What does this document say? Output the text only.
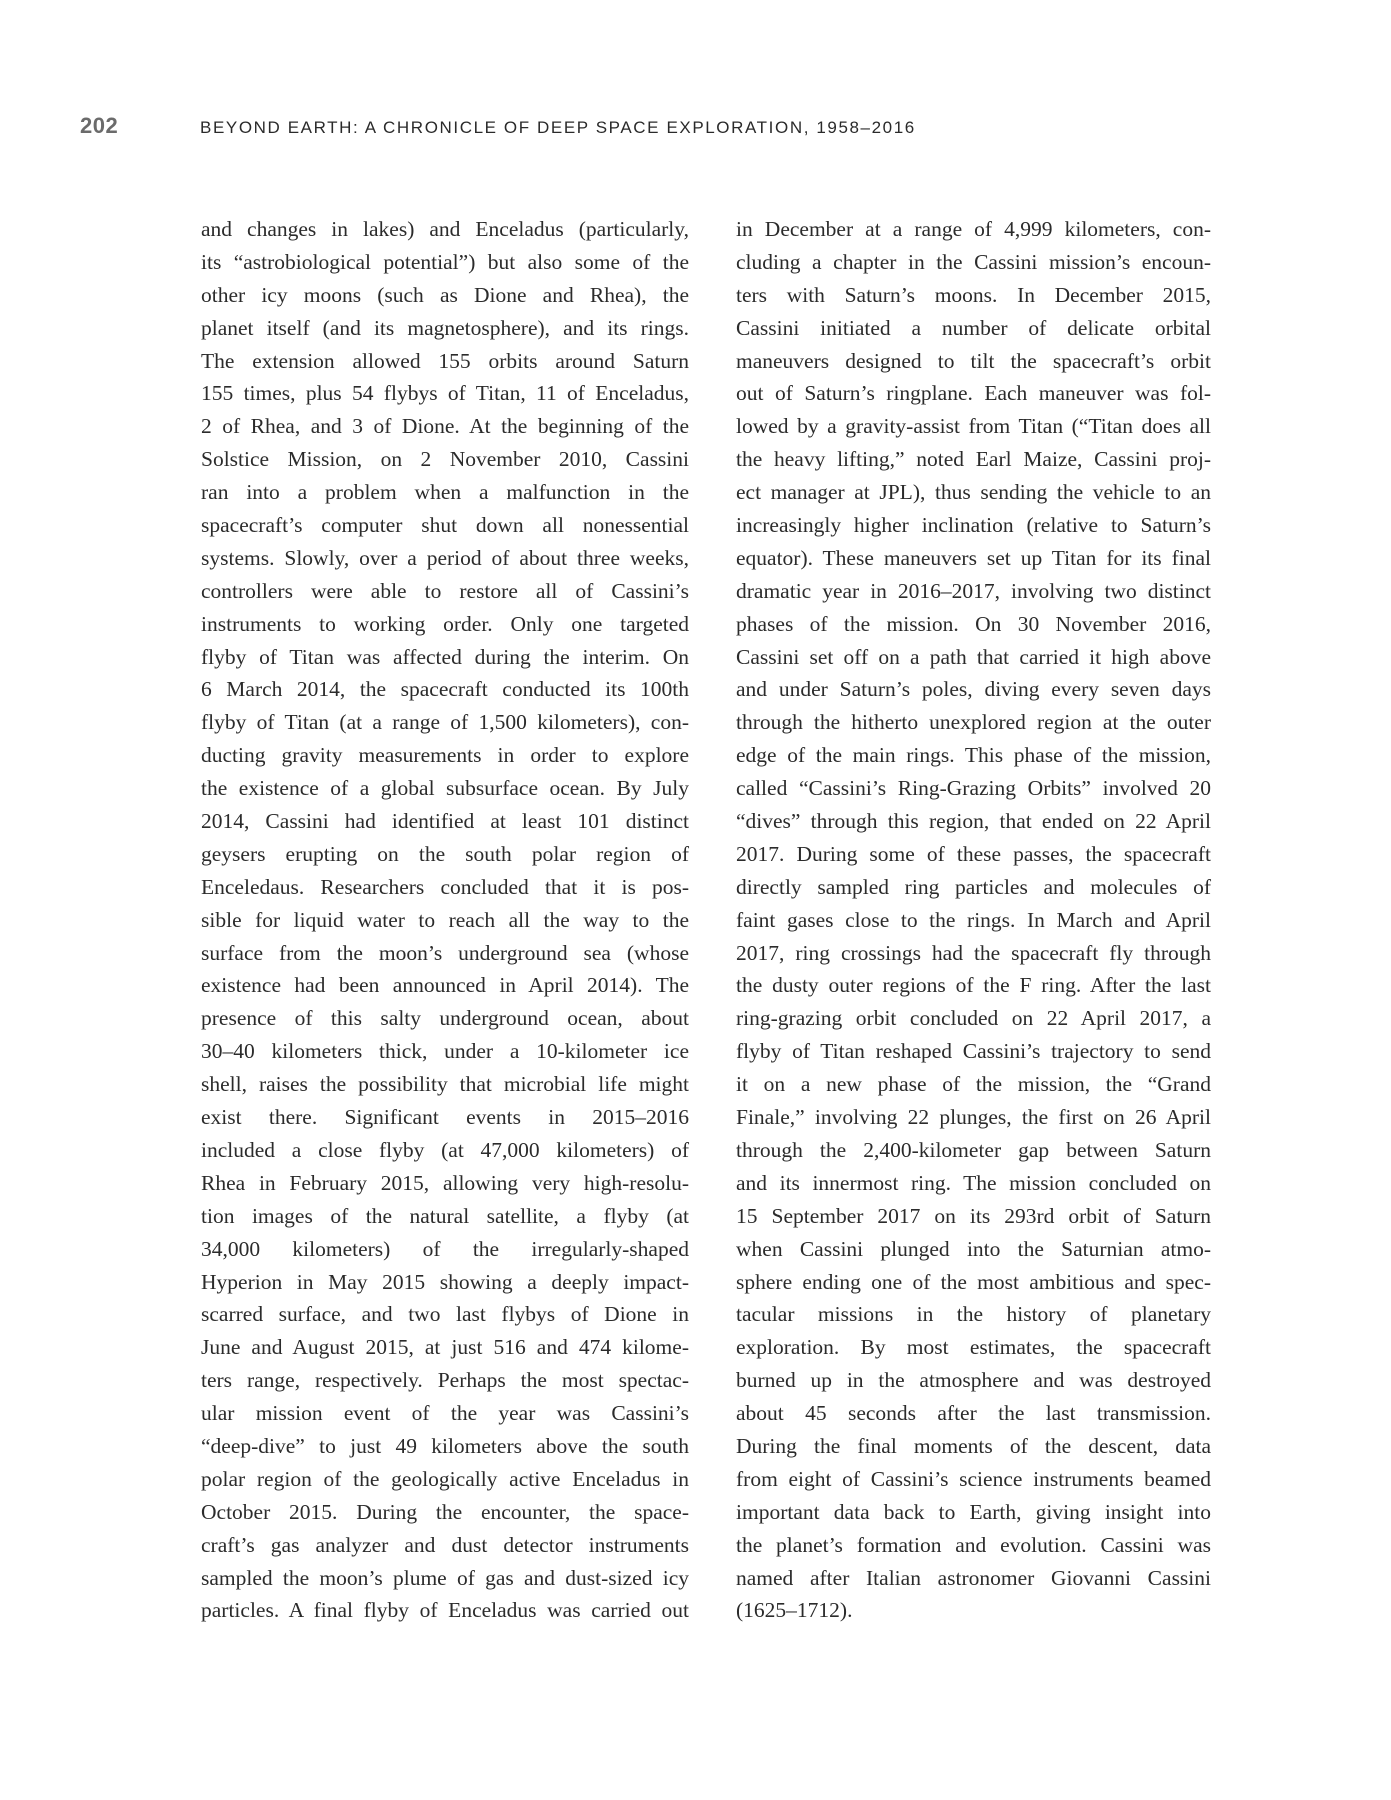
202	BEYOND EARTH: A CHRONICLE OF DEEP SPACE EXPLORATION, 1958–2016
and changes in lakes) and Enceladus (particularly,
its “astrobiological potential”) but also some of the
other icy moons (such as Dione and Rhea), the
planet itself (and its magnetosphere), and its rings.
The extension allowed 155 orbits around Saturn
155 times, plus 54 flybys of Titan, 11 of Enceladus,
2 of Rhea, and 3 of Dione. At the beginning of the
Solstice Mission, on 2 November 2010, Cassini
ran into a problem when a malfunction in the
spacecraft’s computer shut down all nonessential
systems. Slowly, over a period of about three weeks,
controllers were able to restore all of Cassini’s
instruments to working order. Only one targeted
flyby of Titan was affected during the interim. On
6 March 2014, the spacecraft conducted its 100th
flyby of Titan (at a range of 1,500 kilometers), con-
ducting gravity measurements in order to explore
the existence of a global subsurface ocean. By July
2014, Cassini had identified at least 101 distinct
geysers erupting on the south polar region of
Enceledaus. Researchers concluded that it is pos-
sible for liquid water to reach all the way to the
surface from the moon’s underground sea (whose
existence had been announced in April 2014). The
presence of this salty underground ocean, about
30–40 kilometers thick, under a 10-kilometer ice
shell, raises the possibility that microbial life might
exist there. Significant events in 2015–2016
included a close flyby (at 47,000 kilometers) of
Rhea in February 2015, allowing very high-resolu-
tion images of the natural satellite, a flyby (at
34,000 kilometers) of the irregularly-shaped
Hyperion in May 2015 showing a deeply impact-
scarred surface, and two last flybys of Dione in
June and August 2015, at just 516 and 474 kilome-
ters range, respectively. Perhaps the most spectac-
ular mission event of the year was Cassini’s
“deep-dive” to just 49 kilometers above the south
polar region of the geologically active Enceladus in
October 2015. During the encounter, the space-
craft’s gas analyzer and dust detector instruments
sampled the moon’s plume of gas and dust-sized icy
particles. A final flyby of Enceladus was carried out
in December at a range of 4,999 kilometers, con-
cluding a chapter in the Cassini mission’s encoun-
ters with Saturn’s moons. In December 2015,
Cassini initiated a number of delicate orbital
maneuvers designed to tilt the spacecraft’s orbit
out of Saturn’s ringplane. Each maneuver was fol-
lowed by a gravity-assist from Titan (“Titan does all
the heavy lifting,” noted Earl Maize, Cassini proj-
ect manager at JPL), thus sending the vehicle to an
increasingly higher inclination (relative to Saturn’s
equator). These maneuvers set up Titan for its final
dramatic year in 2016–2017, involving two distinct
phases of the mission. On 30 November 2016,
Cassini set off on a path that carried it high above
and under Saturn’s poles, diving every seven days
through the hitherto unexplored region at the outer
edge of the main rings. This phase of the mission,
called “Cassini’s Ring-Grazing Orbits” involved 20
“dives” through this region, that ended on 22 April
2017. During some of these passes, the spacecraft
directly sampled ring particles and molecules of
faint gases close to the rings. In March and April
2017, ring crossings had the spacecraft fly through
the dusty outer regions of the F ring. After the last
ring-grazing orbit concluded on 22 April 2017, a
flyby of Titan reshaped Cassini’s trajectory to send
it on a new phase of the mission, the “Grand
Finale,” involving 22 plunges, the first on 26 April
through the 2,400-kilometer gap between Saturn
and its innermost ring. The mission concluded on
15 September 2017 on its 293rd orbit of Saturn
when Cassini plunged into the Saturnian atmo-
sphere ending one of the most ambitious and spec-
tacular missions in the history of planetary
exploration. By most estimates, the spacecraft
burned up in the atmosphere and was destroyed
about 45 seconds after the last transmission.
During the final moments of the descent, data
from eight of Cassini’s science instruments beamed
important data back to Earth, giving insight into
the planet’s formation and evolution. Cassini was
named after Italian astronomer Giovanni Cassini
(1625–1712).
